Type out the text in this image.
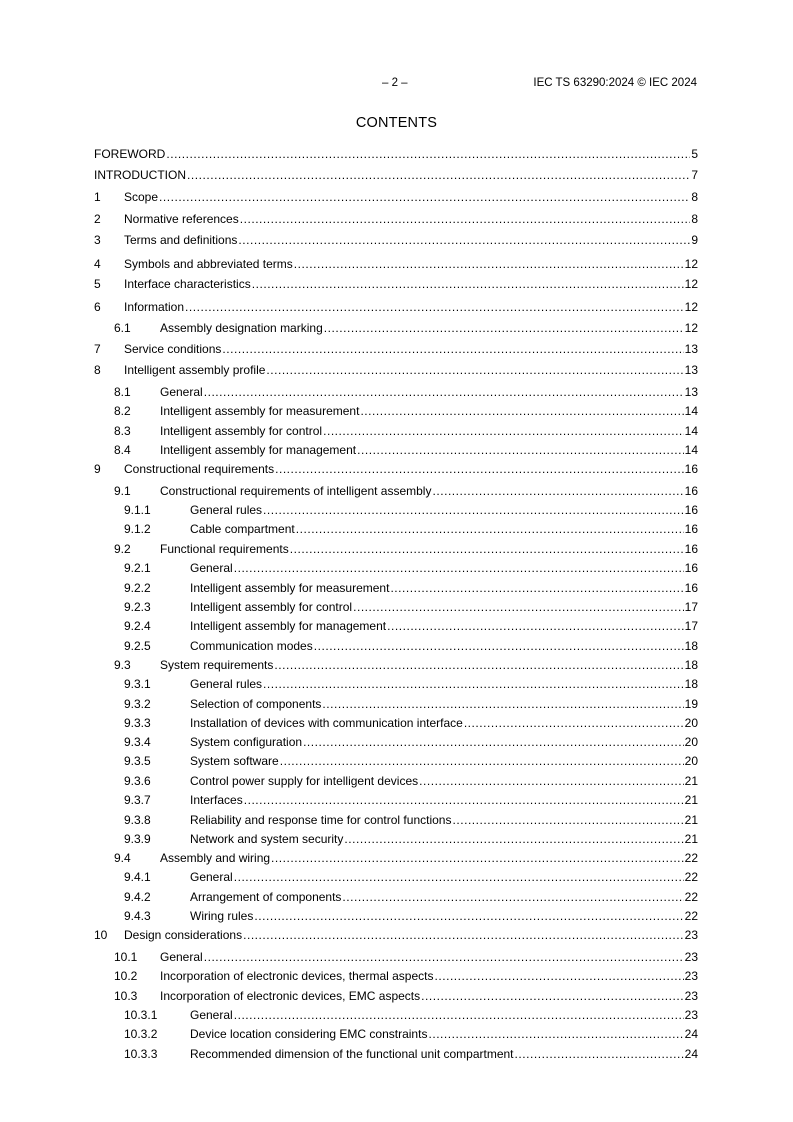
– 2 –	IEC TS 63290:2024 © IEC 2024
CONTENTS
FOREWORD . . .	5
INTRODUCTION . . .	7
1	Scope . . .	8
2	Normative references . . .	8
3	Terms and definitions . . .	9
4	Symbols and abbreviated terms . . .	12
5	Interface characteristics . . .	12
6	Information . . .	12
6.1	Assembly designation marking . . .	12
7	Service conditions . . .	13
8	Intelligent assembly profile . . .	13
8.1	General . . .	13
8.2	Intelligent assembly for measurement . . .	14
8.3	Intelligent assembly for control . . .	14
8.4	Intelligent assembly for management . . .	14
9	Constructional requirements . . .	16
9.1	Constructional requirements of intelligent assembly . . .	16
9.1.1	General rules . . .	16
9.1.2	Cable compartment . . .	16
9.2	Functional requirements . . .	16
9.2.1	General . . .	16
9.2.2	Intelligent assembly for measurement . . .	16
9.2.3	Intelligent assembly for control . . .	17
9.2.4	Intelligent assembly for management . . .	17
9.2.5	Communication modes . . .	18
9.3	System requirements . . .	18
9.3.1	General rules . . .	18
9.3.2	Selection of components . . .	19
9.3.3	Installation of devices with communication interface . . .	20
9.3.4	System configuration . . .	20
9.3.5	System software . . .	20
9.3.6	Control power supply for intelligent devices . . .	21
9.3.7	Interfaces . . .	21
9.3.8	Reliability and response time for control functions . . .	21
9.3.9	Network and system security . . .	21
9.4	Assembly and wiring . . .	22
9.4.1	General . . .	22
9.4.2	Arrangement of components . . .	22
9.4.3	Wiring rules . . .	22
10	Design considerations . . .	23
10.1	General . . .	23
10.2	Incorporation of electronic devices, thermal aspects . . .	23
10.3	Incorporation of electronic devices, EMC aspects . . .	23
10.3.1	General . . .	23
10.3.2	Device location considering EMC constraints . . .	24
10.3.3	Recommended dimension of the functional unit compartment . . .	24
